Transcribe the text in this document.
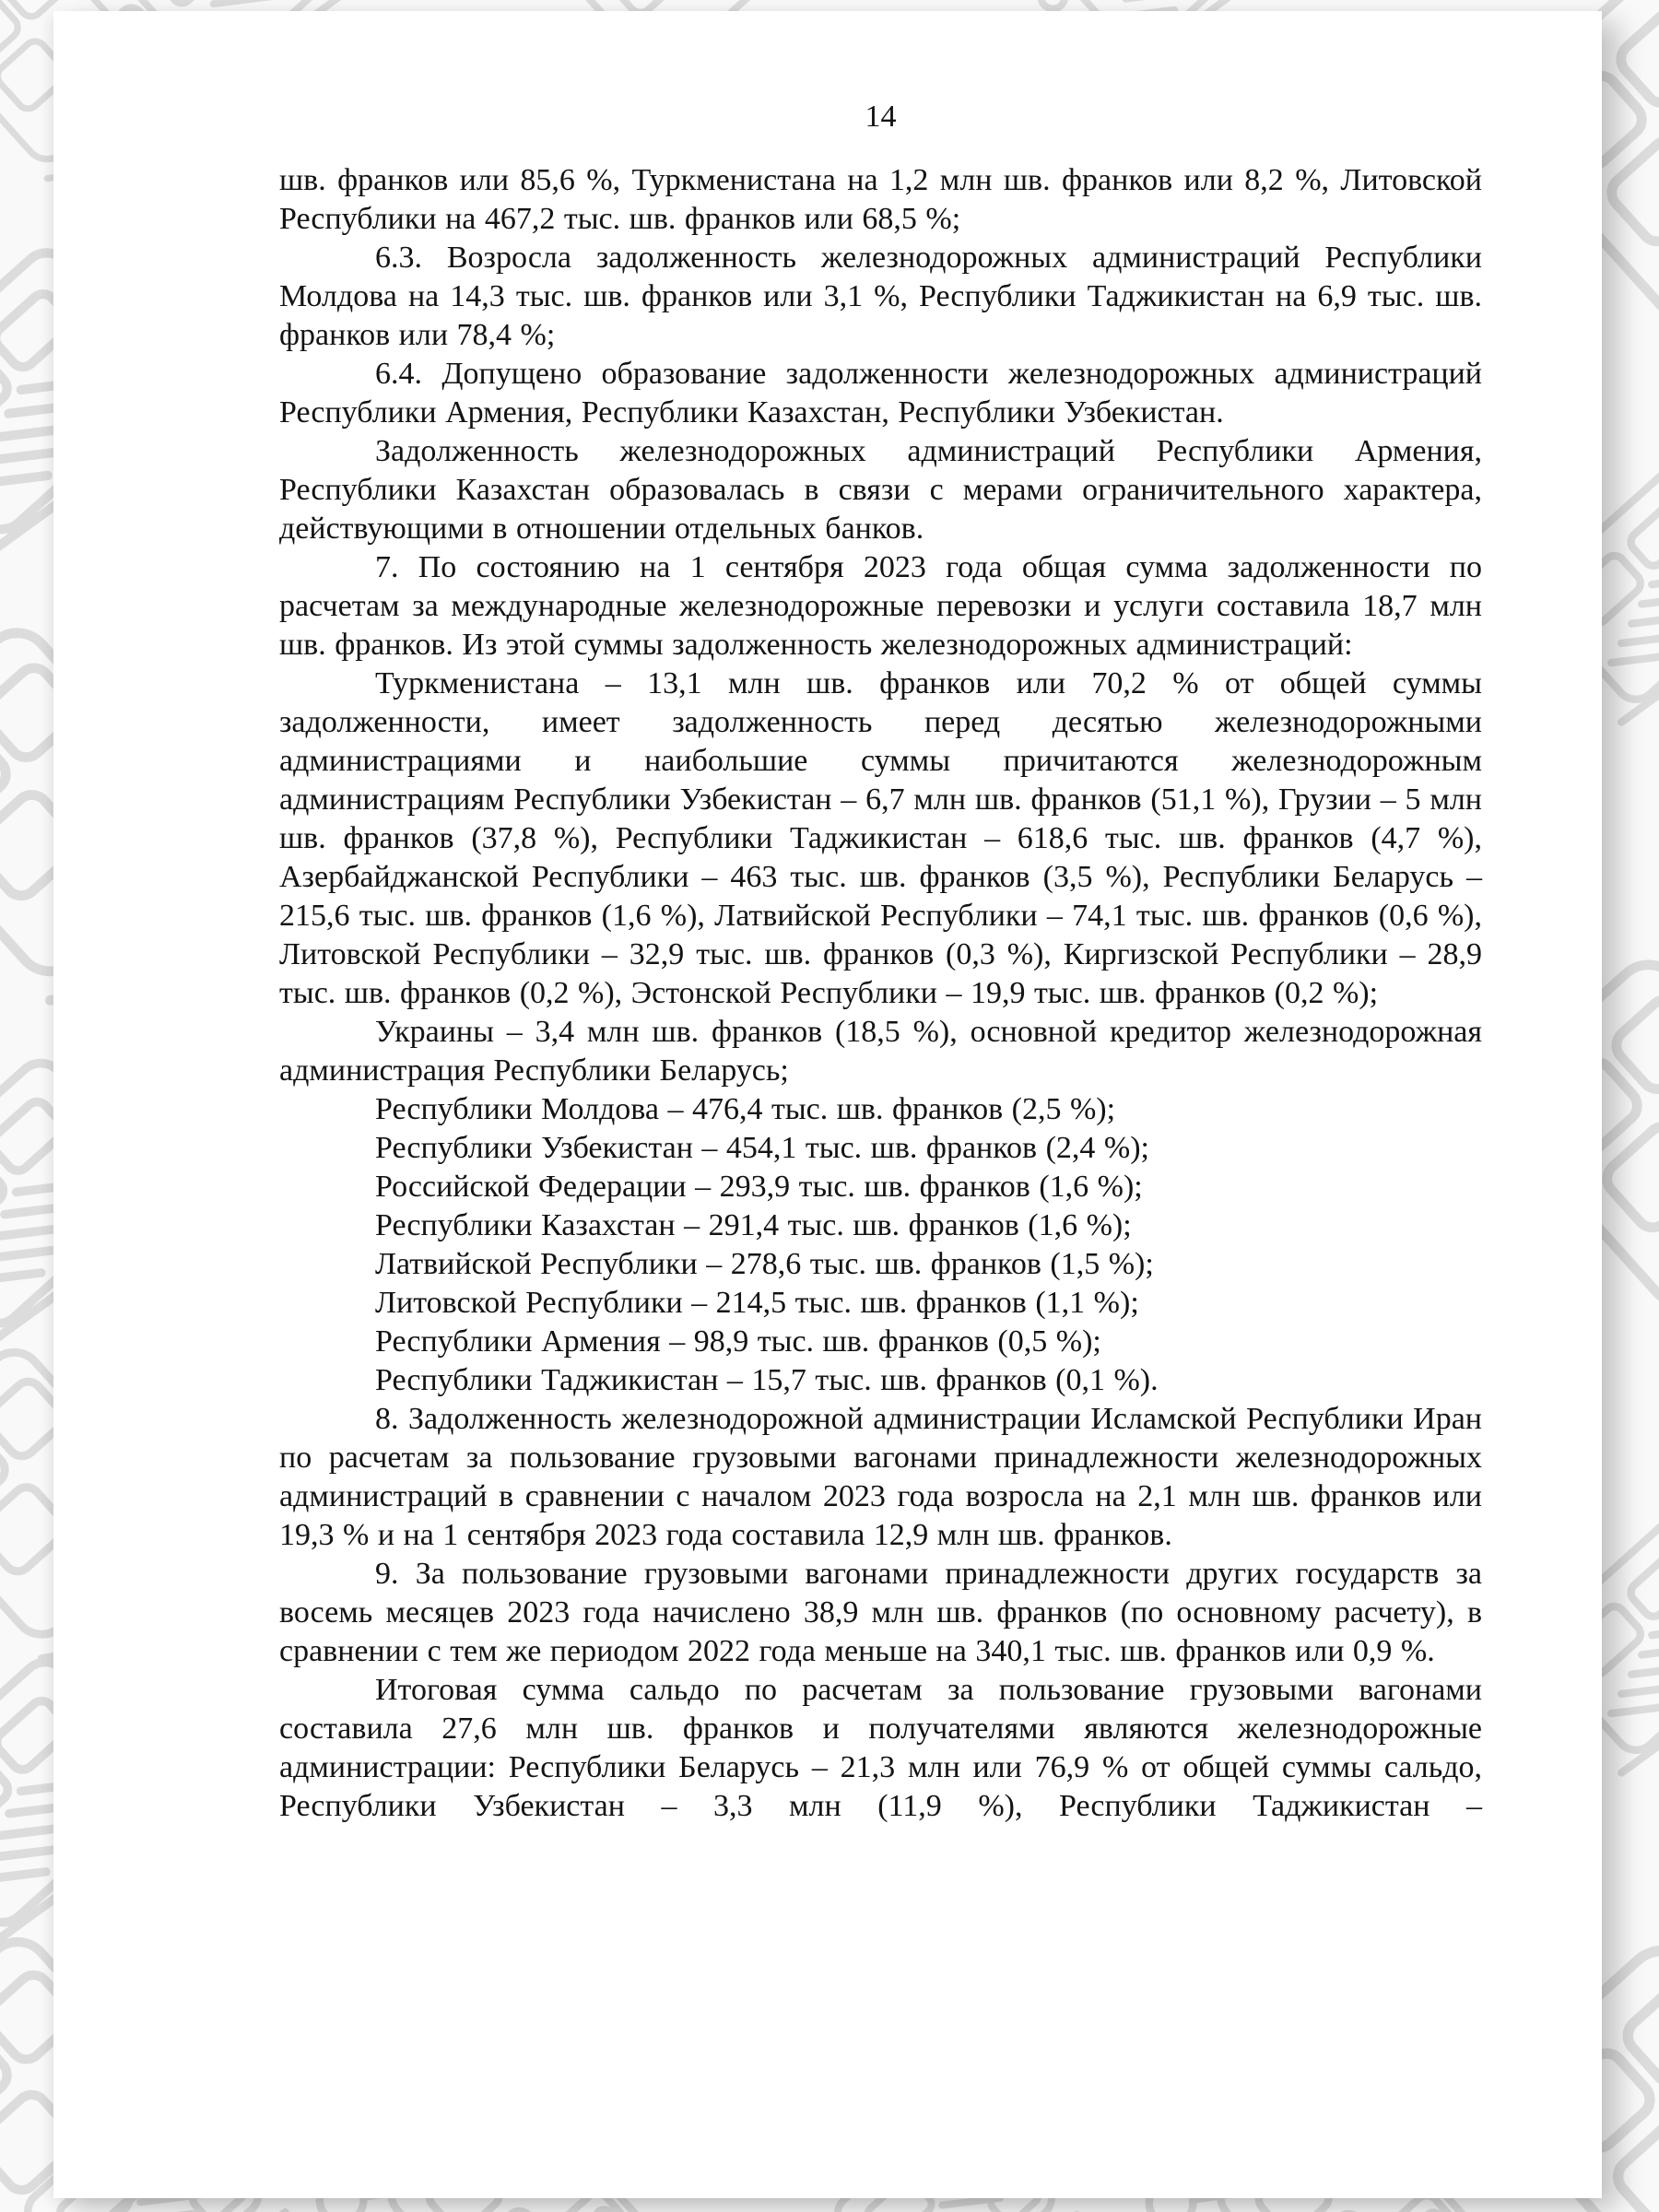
14

шв. франков или 85,6 %, Туркменистана на 1,2 млн шв. франков или 8,2 %, Литовской Республики на 467,2 тыс. шв. франков или 68,5 %;

6.3. Возросла задолженность железнодорожных администраций Республики Молдова на 14,3 тыс. шв. франков или 3,1 %, Республики Таджикистан на 6,9 тыс. шв. франков или 78,4 %;

6.4. Допущено образование задолженности железнодорожных администраций Республики Армения, Республики Казахстан, Республики Узбекистан.

Задолженность железнодорожных администраций Республики Армения, Республики Казахстан образовалась в связи с мерами ограничительного характера, действующими в отношении отдельных банков.

7. По состоянию на 1 сентября 2023 года общая сумма задолженности по расчетам за международные железнодорожные перевозки и услуги составила 18,7 млн шв. франков. Из этой суммы задолженность железнодорожных администраций:

Туркменистана – 13,1 млн шв. франков или 70,2 % от общей суммы задолженности, имеет задолженность перед десятью железнодорожными администрациями и наибольшие суммы причитаются железнодорожным администрациям Республики Узбекистан – 6,7 млн шв. франков (51,1 %), Грузии – 5 млн шв. франков (37,8 %), Республики Таджикистан – 618,6 тыс. шв. франков (4,7 %), Азербайджанской Республики – 463 тыс. шв. франков (3,5 %), Республики Беларусь – 215,6 тыс. шв. франков (1,6 %), Латвийской Республики – 74,1 тыс. шв. франков (0,6 %), Литовской Республики – 32,9 тыс. шв. франков (0,3 %), Киргизской Республики – 28,9 тыс. шв. франков (0,2 %), Эстонской Республики – 19,9 тыс. шв. франков (0,2 %);

Украины – 3,4 млн шв. франков (18,5 %), основной кредитор железнодорожная администрация Республики Беларусь;

Республики Молдова – 476,4 тыс. шв. франков (2,5 %);

Республики Узбекистан – 454,1 тыс. шв. франков (2,4 %);

Российской Федерации – 293,9 тыс. шв. франков (1,6 %);

Республики Казахстан – 291,4 тыс. шв. франков (1,6 %);

Латвийской Республики – 278,6 тыс. шв. франков (1,5 %);

Литовской Республики – 214,5 тыс. шв. франков (1,1 %);

Республики Армения – 98,9 тыс. шв. франков (0,5 %);

Республики Таджикистан – 15,7 тыс. шв. франков (0,1 %).

8. Задолженность железнодорожной администрации Исламской Республики Иран по расчетам за пользование грузовыми вагонами принадлежности железнодорожных администраций в сравнении с началом 2023 года возросла на 2,1 млн шв. франков или 19,3 % и на 1 сентября 2023 года составила 12,9 млн шв. франков.

9. За пользование грузовыми вагонами принадлежности других государств за восемь месяцев 2023 года начислено 38,9 млн шв. франков (по основному расчету), в сравнении с тем же периодом 2022 года меньше на 340,1 тыс. шв. франков или 0,9 %.

Итоговая сумма сальдо по расчетам за пользование грузовыми вагонами составила 27,6 млн шв. франков и получателями являются железнодорожные администрации: Республики Беларусь – 21,3 млн или 76,9 % от общей суммы сальдо, Республики Узбекистан – 3,3 млн (11,9 %), Республики Таджикистан –
